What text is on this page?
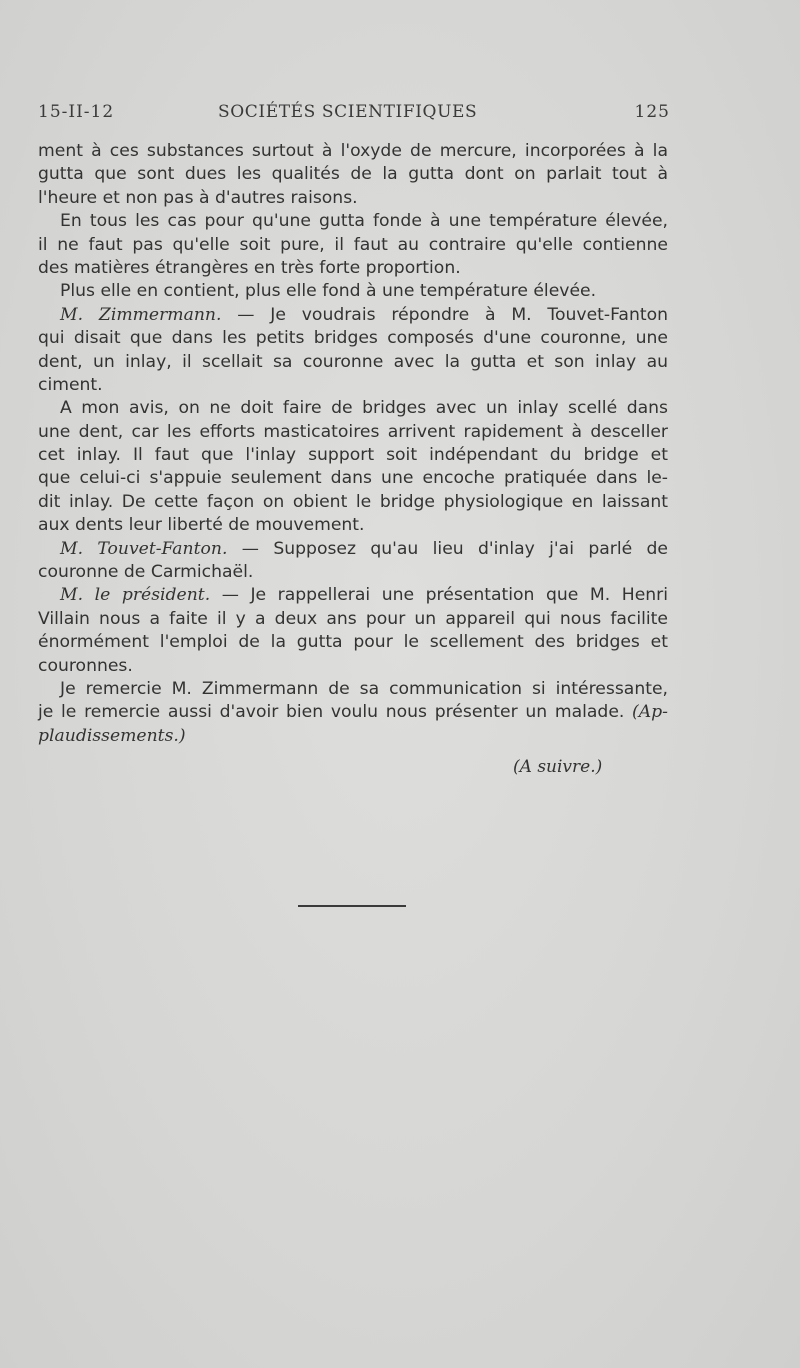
15-II-12	SOCIÉTÉS SCIENTIFIQUES	125
ment à ces substances surtout à l'oxyde de mercure, incorporées à la
gutta que sont dues les qualités de la gutta dont on parlait tout à
l'heure et non pas à d'autres raisons.
En tous les cas pour qu'une gutta fonde à une température élevée,
il ne faut pas qu'elle soit pure, il faut au contraire qu'elle contienne
des matières étrangères en très forte proportion.
Plus elle en contient, plus elle fond à une température élevée.
M. Zimmermann. — Je voudrais répondre à M. Touvet-Fanton
qui disait que dans les petits bridges composés d'une couronne, une
dent, un inlay, il scellait sa couronne avec la gutta et son inlay au
ciment.
A mon avis, on ne doit faire de bridges avec un inlay scellé dans
une dent, car les efforts masticatoires arrivent rapidement à desceller
cet inlay. Il faut que l'inlay support soit indépendant du bridge et
que celui-ci s'appuie seulement dans une encoche pratiquée dans le-
dit inlay. De cette façon on obient le bridge physiologique en laissant
aux dents leur liberté de mouvement.
M. Touvet-Fanton. — Supposez qu'au lieu d'inlay j'ai parlé de
couronne de Carmichaël.
M. le président. — Je rappellerai une présentation que M. Henri
Villain nous a faite il y a deux ans pour un appareil qui nous facilite
énormément l'emploi de la gutta pour le scellement des bridges et
couronnes.
Je remercie M. Zimmermann de sa communication si intéressante,
je le remercie aussi d'avoir bien voulu nous présenter un malade. (Ap-
plaudissements.)
(A suivre.)
